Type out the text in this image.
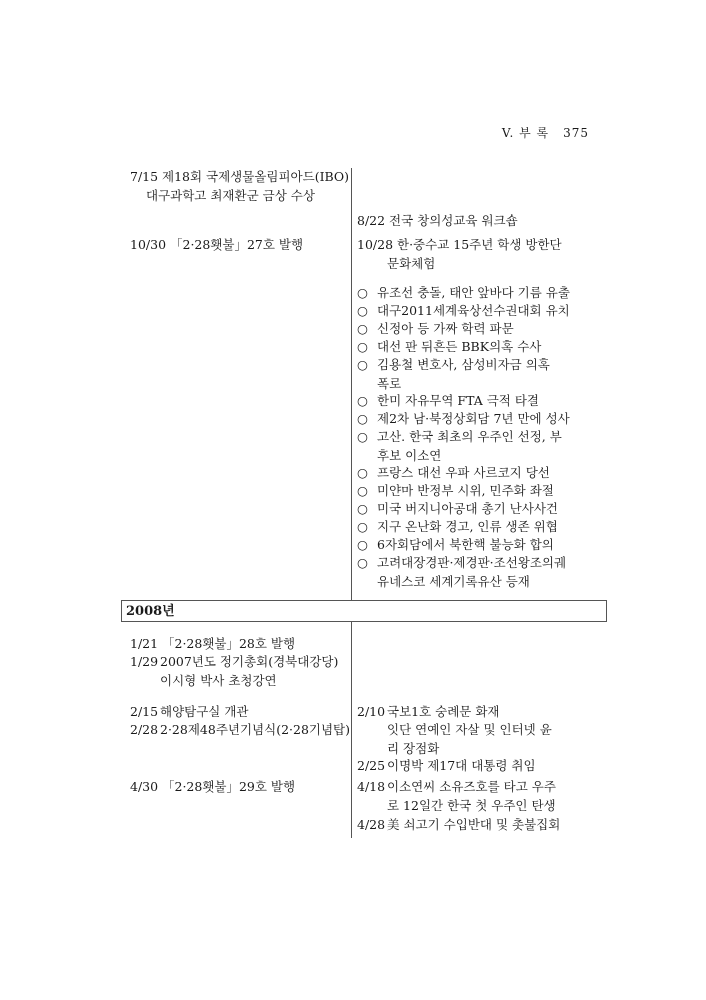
V. 부 록 375
7/15 제18회 국제생물올림피아드(IBO)
대구과학고 최재환군 금상 수상
10/30 「2·28횃불」27호 발행
8/22 전국 창의성교육 워크숍
10/28 한·중수교 15주년 학생 방한단
문화체험
○ 유조선 충돌, 태안 앞바다 기름 유출
○ 대구2011세계육상선수권대회 유치
○ 신정아 등 가짜 학력 파문
○ 대선 판 뒤흔든 BBK의혹 수사
○ 김용철 변호사, 삼성비자금 의혹
폭로
○ 한미 자유무역 FTA 극적 타결
○ 제2차 남·북정상회담 7년 만에 성사
○ 고산. 한국 최초의 우주인 선정, 부
후보 이소연
○ 프랑스 대선 우파 사르코지 당선
○ 미얀마 반정부 시위, 민주화 좌절
○ 미국 버지니아공대 총기 난사사건
○ 지구 온난화 경고, 인류 생존 위협
○ 6자회담에서 북한핵 불능화 합의
○ 고려대장경판·제경판·조선왕조의궤
유네스코 세계기록유산 등재
2008년
1/21 「2·28횃불」28호 발행
1/29 2007년도 정기총회(경북대강당)
이시형 박사 초청강연
2/15 해양탐구실 개관
2/28 2·28제48주년기념식(2·28기념탑)
4/30 「2·28횃불」29호 발행
2/10 국보1호 숭례문 화재
잇단 연예인 자살 및 인터넷 윤
리 장점화
2/25 이명박 제17대 대통령 취임
4/18 이소연씨 소유즈호를 타고 우주
로 12일간 한국 첫 우주인 탄생
4/28 美 쇠고기 수입반대 및 촛불집회
